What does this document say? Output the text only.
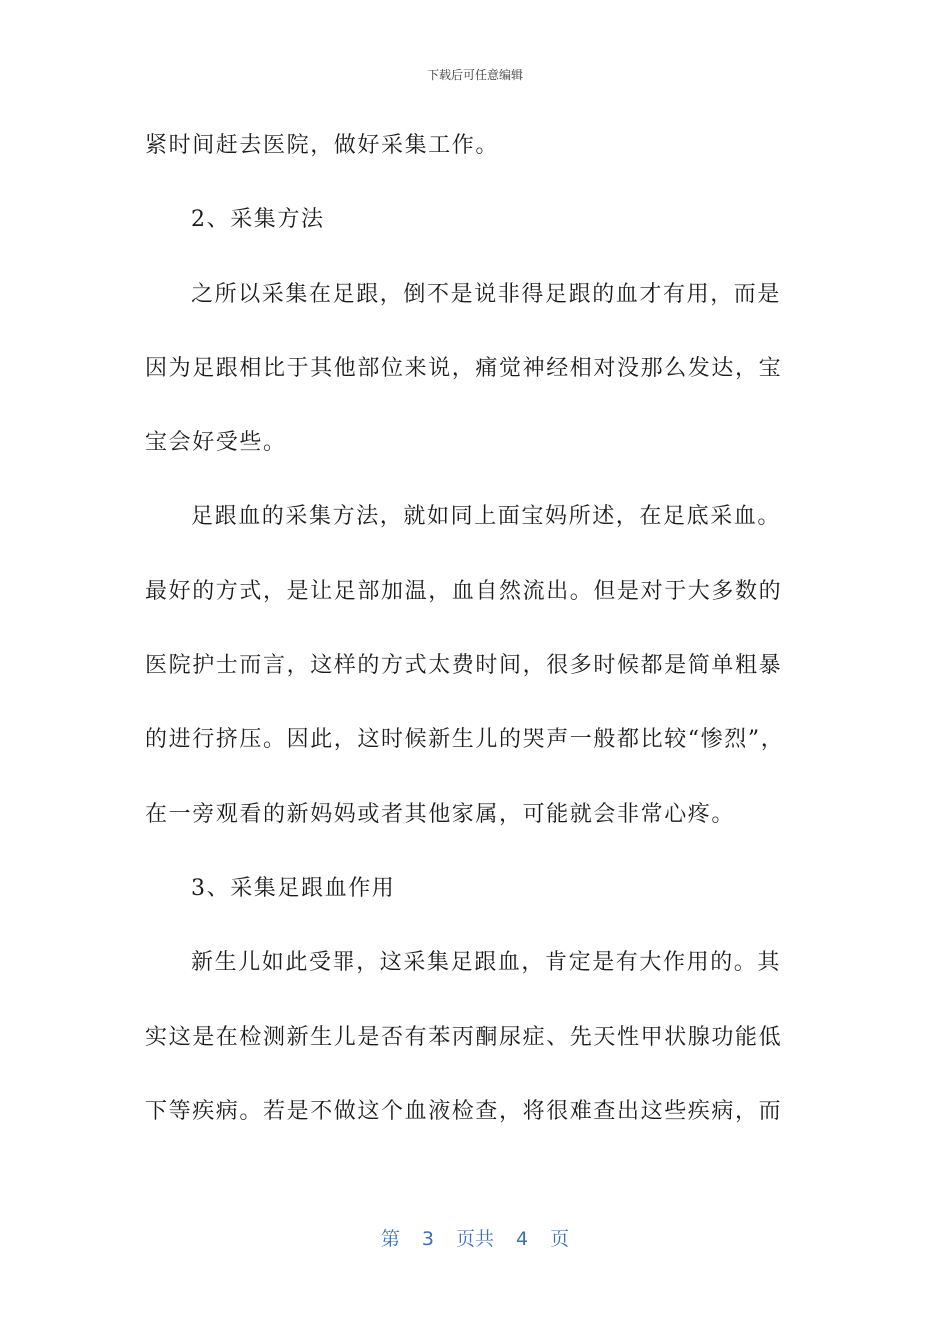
下载后可任意编辑
紧时间赶去医院，做好采集工作。
2、采集方法
之所以采集在足跟，倒不是说非得足跟的血才有用，而是
因为足跟相比于其他部位来说，痛觉神经相对没那么发达，宝
宝会好受些。
足跟血的采集方法，就如同上面宝妈所述，在足底采血。
最好的方式，是让足部加温，血自然流出。但是对于大多数的
医院护士而言，这样的方式太费时间，很多时候都是简单粗暴
的进行挤压。因此，这时候新生儿的哭声一般都比较“惨烈”，
在一旁观看的新妈妈或者其他家属，可能就会非常心疼。
3、采集足跟血作用
新生儿如此受罪，这采集足跟血，肯定是有大作用的。其
实这是在检测新生儿是否有苯丙酮尿症、先天性甲状腺功能低
下等疾病。若是不做这个血液检查，将很难查出这些疾病，而
第 3 页共 4 页
